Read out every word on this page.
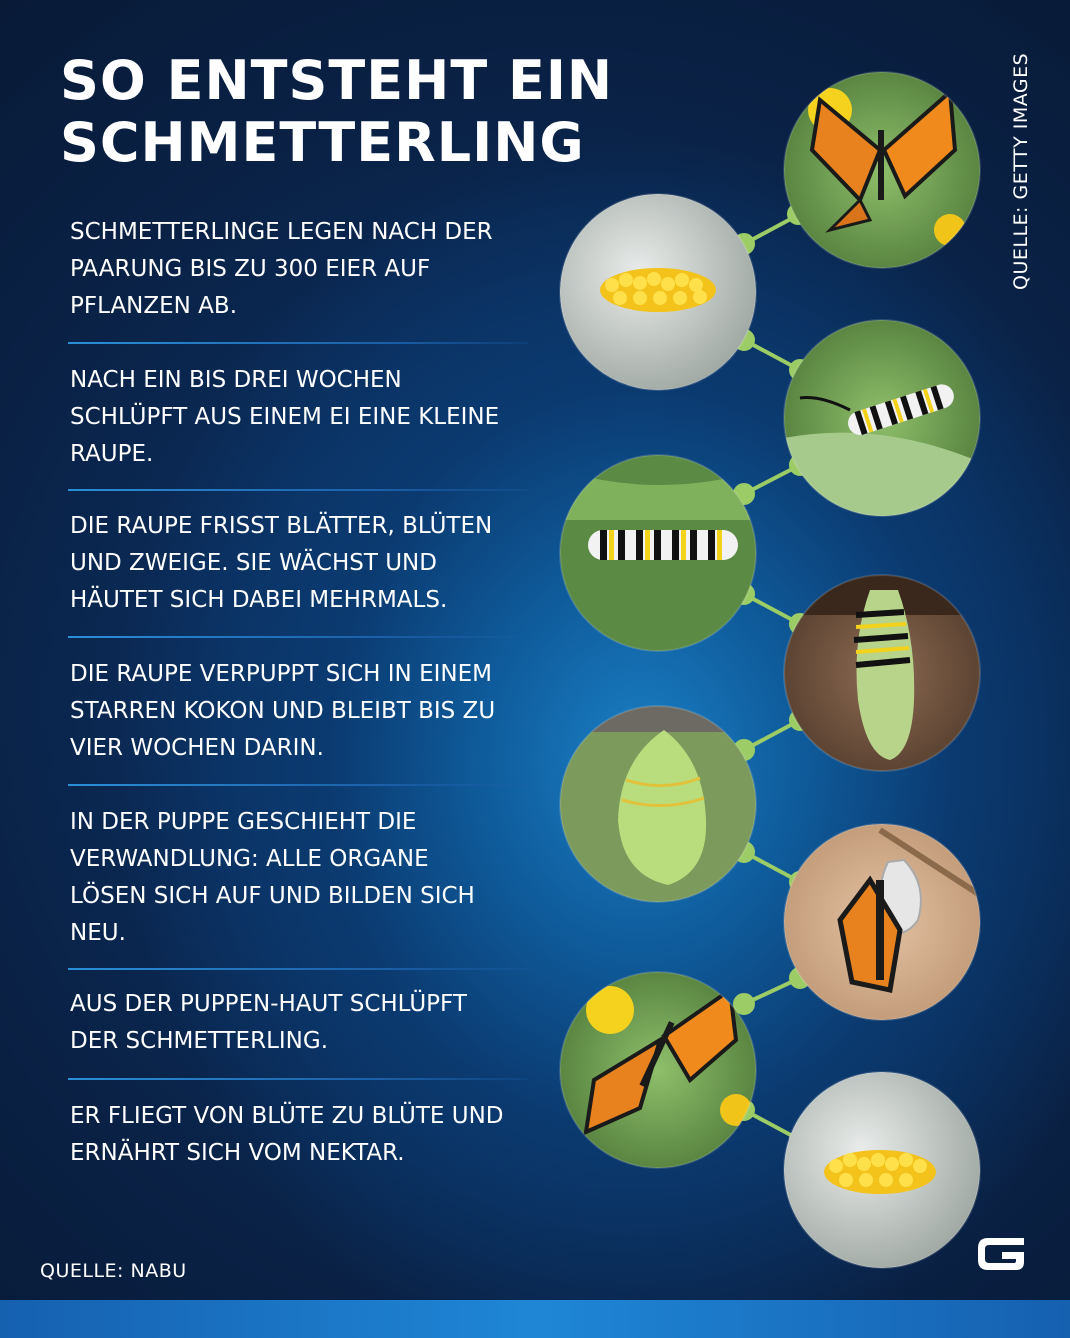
SO ENTSTEHT EIN
SCHMETTERLING
SCHMETTERLINGE LEGEN NACH DER
PAARUNG BIS ZU 300 EIER AUF
PFLANZEN AB.
NACH EIN BIS DREI WOCHEN
SCHLÜPFT AUS EINEM EI EINE KLEINE
RAUPE.
DIE RAUPE FRISST BLÄTTER, BLÜTEN
UND ZWEIGE. SIE WÄCHST UND
HÄUTET SICH DABEI MEHRMALS.
DIE RAUPE VERPUPPT SICH IN EINEM
STARREN KOKON UND BLEIBT BIS ZU
VIER WOCHEN DARIN.
IN DER PUPPE GESCHIEHT DIE
VERWANDLUNG: ALLE ORGANE
LÖSEN SICH AUF UND BILDEN SICH
NEU.
AUS DER PUPPEN-HAUT SCHLÜPFT
DER SCHMETTERLING.
ER FLIEGT VON BLÜTE ZU BLÜTE UND
ERNÄHRT SICH VOM NEKTAR.
QUELLE: GETTY IMAGES
QUELLE: NABU
